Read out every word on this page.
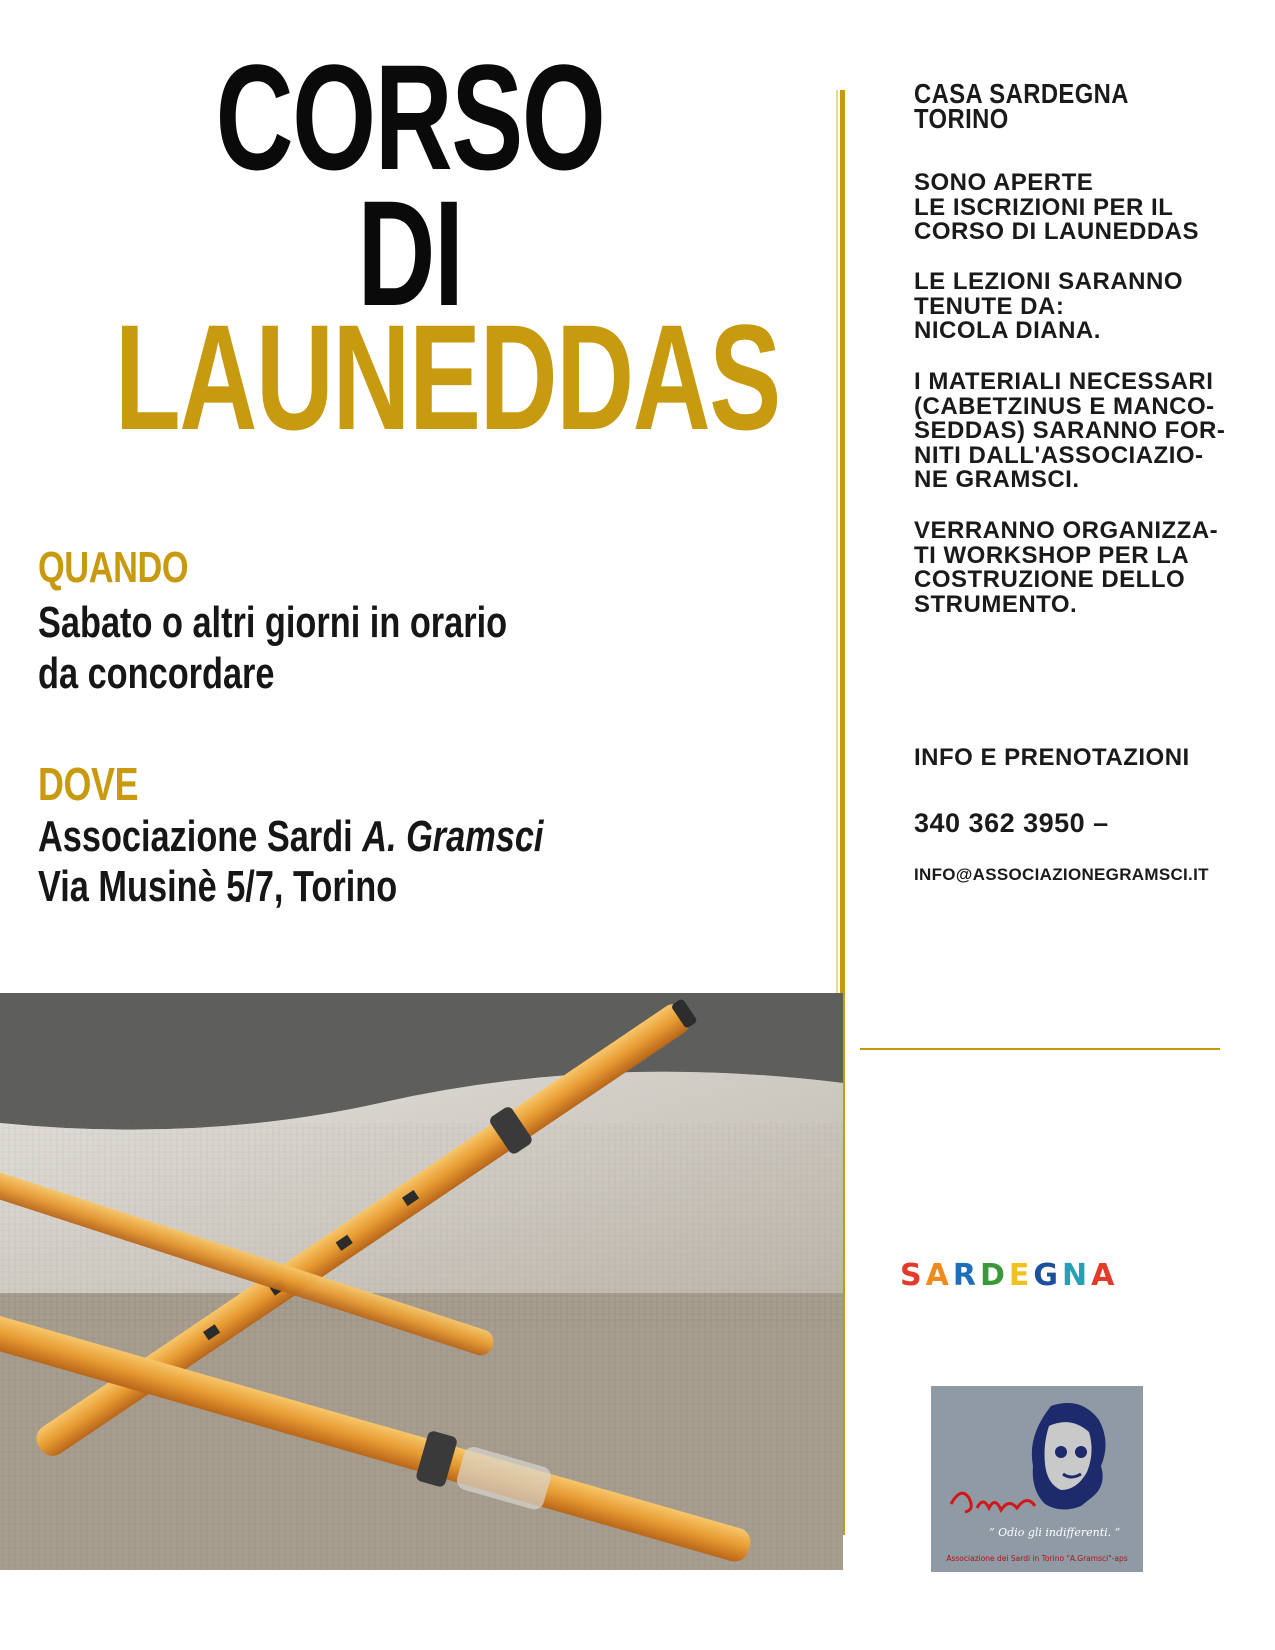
CORSO
DI
LAUNEDDAS
QUANDO
Sabato o altri giorni in orario
da concordare
DOVE
Associazione Sardi A. Gramsci
Via Musinè 5/7, Torino
CASA SARDEGNA TORINO
SONO APERTE
LE ISCRIZIONI PER IL
CORSO DI LAUNEDDAS
LE LEZIONI SARANNO
TENUTE DA:
NICOLA DIANA.
I MATERIALI NECESSARI
(CABETZINUS E MANCO-
SEDDAS) SARANNO FOR-
NITI DALL'ASSOCIAZIO-
NE GRAMSCI.
VERRANNO ORGANIZZA-
TI WORKSHOP PER LA
COSTRUZIONE DELLO
STRUMENTO.
INFO E PRENOTAZIONI
340 362 3950 –
INFO@ASSOCIAZIONEGRAMSCI.IT
SARDEGNA
” Odio gli indifferenti. “
Associazione dei Sardi in Torino "A.Gramsci"-aps
